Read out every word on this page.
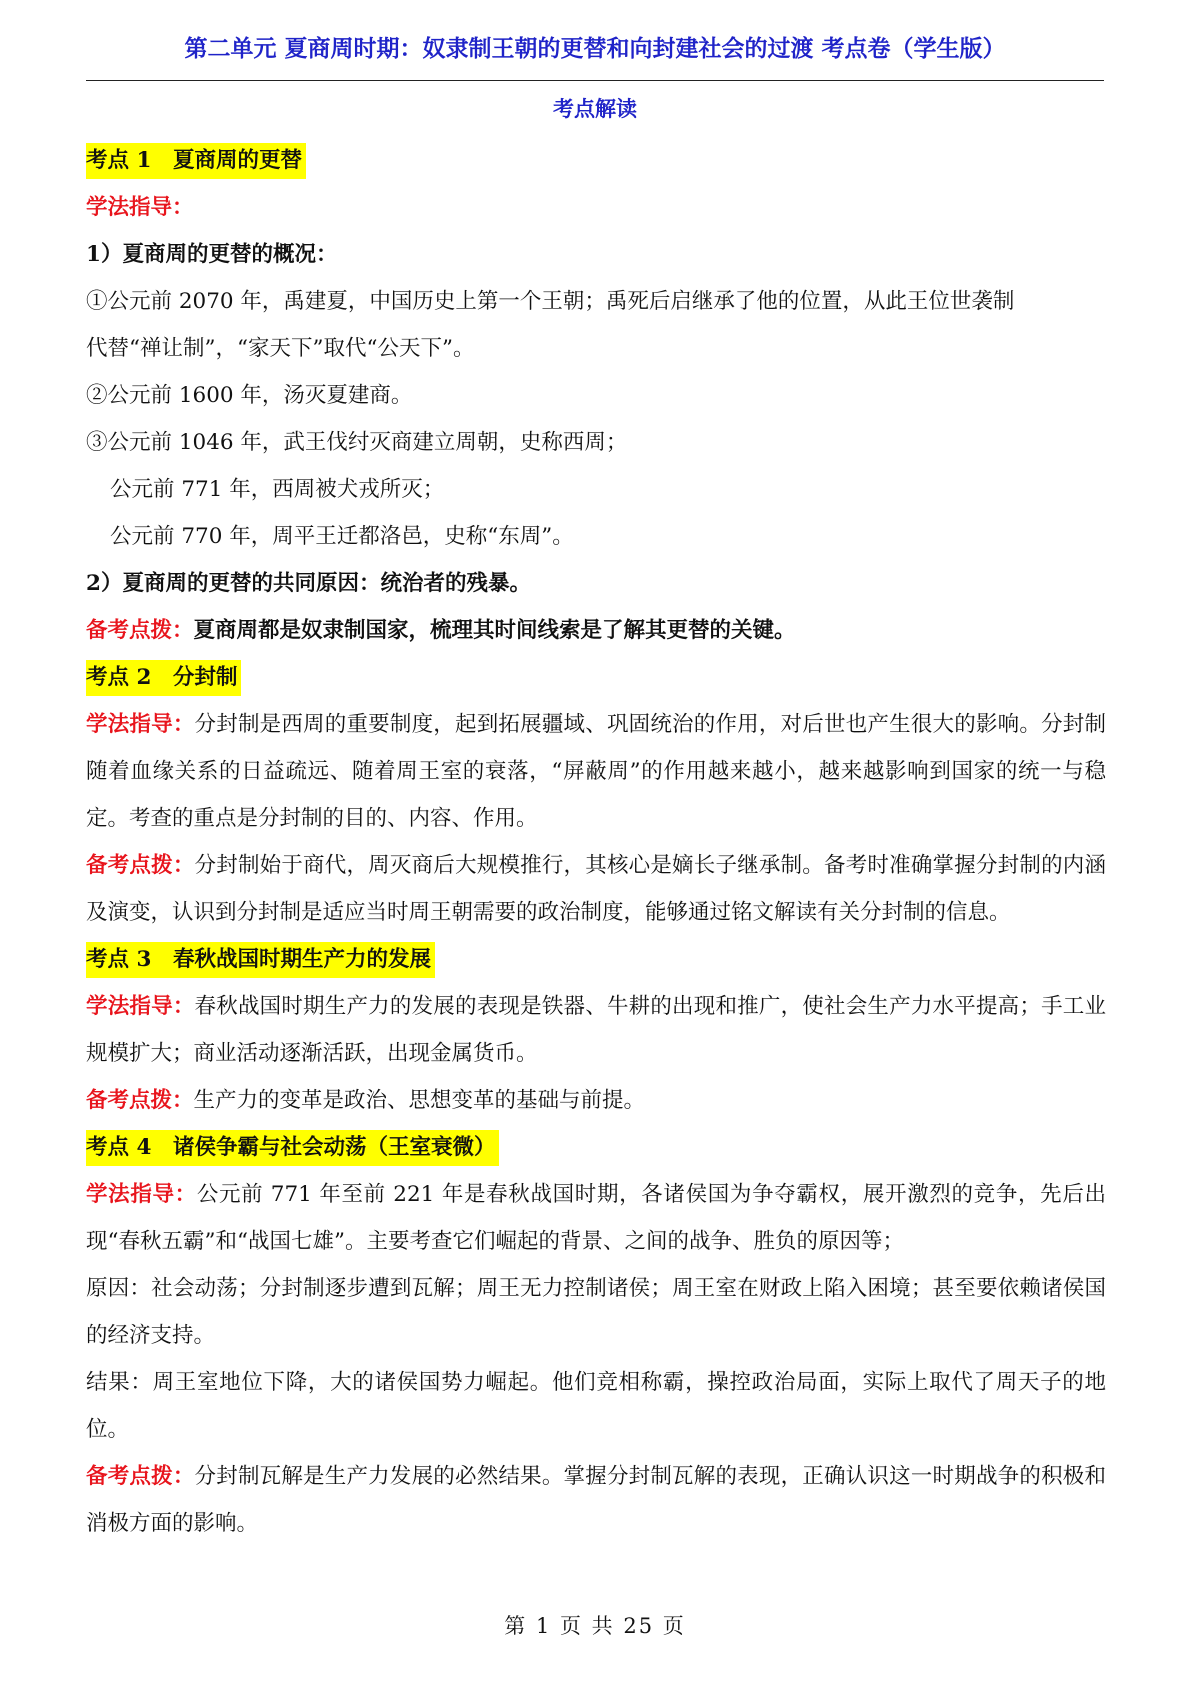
第二单元 夏商周时期：奴隶制王朝的更替和向封建社会的过渡 考点卷（学生版）
考点解读
考点 1　夏商周的更替
学法指导：
1）夏商周的更替的概况：
①公元前 2070 年，禹建夏，中国历史上第一个王朝；禹死后启继承了他的位置，从此王位世袭制
代替“禅让制”，“家天下”取代“公天下”。
②公元前 1600 年，汤灭夏建商。
③公元前 1046 年，武王伐纣灭商建立周朝，史称西周；
公元前 771 年，西周被犬戎所灭；
公元前 770 年，周平王迁都洛邑，史称“东周”。
2）夏商周的更替的共同原因：统治者的残暴。
备考点拨：夏商周都是奴隶制国家，梳理其时间线索是了解其更替的关键。
考点 2　分封制
学法指导：分封制是西周的重要制度，起到拓展疆域、巩固统治的作用，对后世也产生很大的影响。分封制随着血缘关系的日益疏远、随着周王室的衰落，“屏蔽周”的作用越来越小，越来越影响到国家的统一与稳定。考查的重点是分封制的目的、内容、作用。
备考点拨：分封制始于商代，周灭商后大规模推行，其核心是嫡长子继承制。备考时准确掌握分封制的内涵及演变，认识到分封制是适应当时周王朝需要的政治制度，能够通过铭文解读有关分封制的信息。
考点 3　春秋战国时期生产力的发展
学法指导：春秋战国时期生产力的发展的表现是铁器、牛耕的出现和推广，使社会生产力水平提高；手工业规模扩大；商业活动逐渐活跃，出现金属货币。
备考点拨：生产力的变革是政治、思想变革的基础与前提。
考点 4　诸侯争霸与社会动荡（王室衰微）
学法指导：公元前 771 年至前 221 年是春秋战国时期，各诸侯国为争夺霸权，展开激烈的竞争，先后出现“春秋五霸”和“战国七雄”。主要考查它们崛起的背景、之间的战争、胜负的原因等；
原因：社会动荡；分封制逐步遭到瓦解；周王无力控制诸侯；周王室在财政上陷入困境；甚至要依赖诸侯国的经济支持。
结果：周王室地位下降，大的诸侯国势力崛起。他们竞相称霸，操控政治局面，实际上取代了周天子的地位。
备考点拨：分封制瓦解是生产力发展的必然结果。掌握分封制瓦解的表现，正确认识这一时期战争的积极和消极方面的影响。
第 1 页 共 25 页
